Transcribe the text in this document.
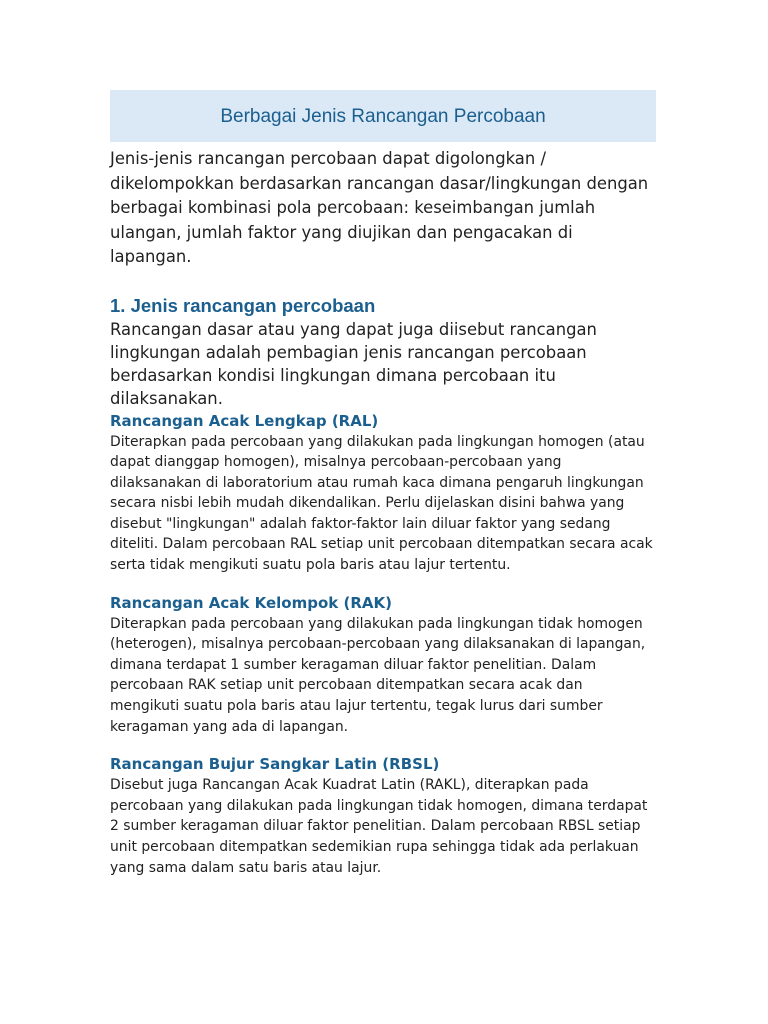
Berbagai Jenis Rancangan Percobaan

Jenis-jenis rancangan percobaan dapat digolongkan / dikelompokkan berdasarkan rancangan dasar/lingkungan dengan berbagai kombinasi pola percobaan: keseimbangan jumlah ulangan, jumlah faktor yang diujikan dan pengacakan di lapangan.

1. Jenis rancangan percobaan

Rancangan dasar atau yang dapat juga diisebut rancangan lingkungan adalah pembagian jenis rancangan percobaan berdasarkan kondisi lingkungan dimana percobaan itu dilaksanakan.

Rancangan Acak Lengkap (RAL)

Diterapkan pada percobaan yang dilakukan pada lingkungan homogen (atau dapat dianggap homogen), misalnya percobaan-percobaan yang dilaksanakan di laboratorium atau rumah kaca dimana pengaruh lingkungan secara nisbi lebih mudah dikendalikan. Perlu dijelaskan disini bahwa yang disebut "lingkungan" adalah faktor-faktor lain diluar faktor yang sedang diteliti. Dalam percobaan RAL setiap unit percobaan ditempatkan secara acak serta tidak mengikuti suatu pola baris atau lajur tertentu.

Rancangan Acak Kelompok (RAK)

Diterapkan pada percobaan yang dilakukan pada lingkungan tidak homogen (heterogen), misalnya percobaan-percobaan yang dilaksanakan di lapangan, dimana terdapat 1 sumber keragaman diluar faktor penelitian. Dalam percobaan RAK setiap unit percobaan ditempatkan secara acak dan mengikuti suatu pola baris atau lajur tertentu, tegak lurus dari sumber keragaman yang ada di lapangan.

Rancangan Bujur Sangkar Latin (RBSL)

Disebut juga Rancangan Acak Kuadrat Latin (RAKL), diterapkan pada percobaan yang dilakukan pada lingkungan tidak homogen, dimana terdapat 2 sumber keragaman diluar faktor penelitian. Dalam percobaan RBSL setiap unit percobaan ditempatkan sedemikian rupa sehingga tidak ada perlakuan yang sama dalam satu baris atau lajur.
